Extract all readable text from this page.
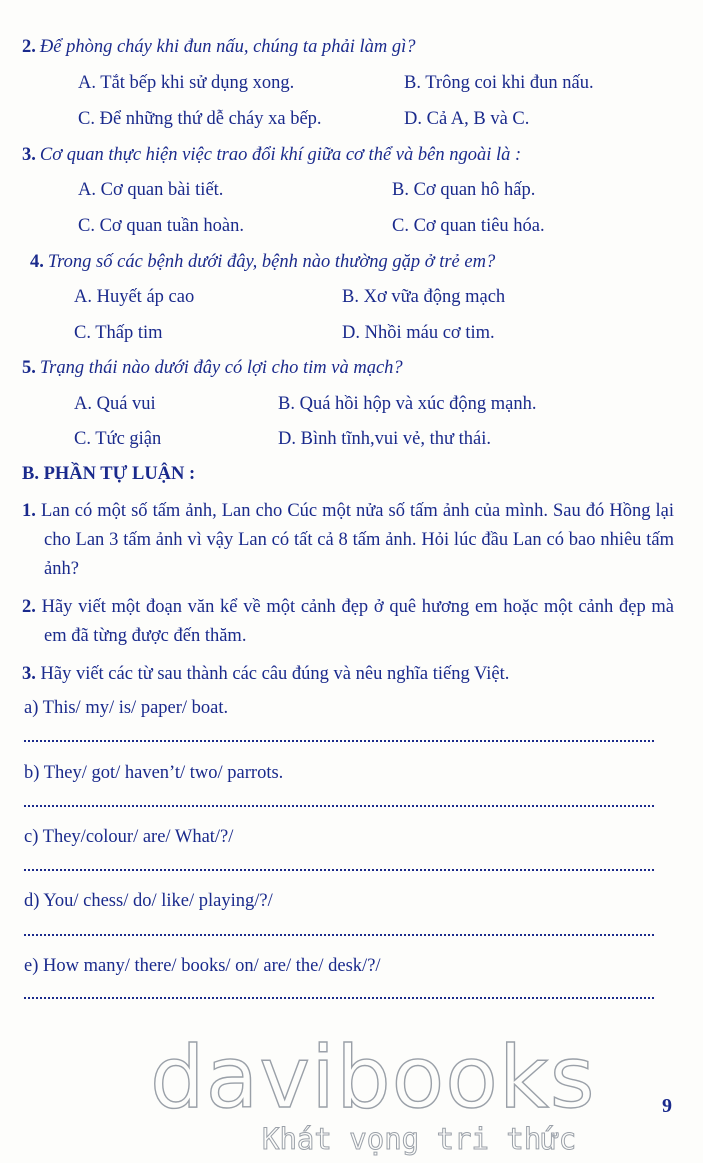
2. Để phòng cháy khi đun nấu, chúng ta phải làm gì?
A. Tắt bếp khi sử dụng xong.	B. Trông coi khi đun nấu.
C. Để những thứ dễ cháy xa bếp.	D. Cả A, B và C.
3. Cơ quan thực hiện việc trao đổi khí giữa cơ thể và bên ngoài là :
A. Cơ quan bài tiết.	B. Cơ quan hô hấp.
C. Cơ quan tuần hoàn.	C. Cơ quan tiêu hóa.
4. Trong số các bệnh dưới đây, bệnh nào thường gặp ở trẻ em?
A. Huyết áp cao	B. Xơ vữa động mạch
C. Thấp tim	D. Nhồi máu cơ tim.
5. Trạng thái nào dưới đây có lợi cho tim và mạch?
A. Quá vui	B. Quá hồi hộp và xúc động mạnh.
C. Tức giận	D. Bình tĩnh,vui vẻ, thư thái.
B. PHẦN TỰ LUẬN :
1. Lan có một số tấm ảnh, Lan cho Cúc một nửa số tấm ảnh của mình. Sau đó Hồng lại cho Lan 3 tấm ảnh vì vậy Lan có tất cả 8 tấm ảnh. Hỏi lúc đầu Lan có bao nhiêu tấm ảnh?
2. Hãy viết một đoạn văn kể về một cảnh đẹp ở quê hương em hoặc một cảnh đẹp mà em đã từng được đến thăm.
3. Hãy viết các từ sau thành các câu đúng và nêu nghĩa tiếng Việt.
a) This/ my/ is/ paper/ boat.
b) They/ got/ haven’t/ two/ parrots.
c) They/colour/ are/ What/?/
d) You/ chess/ do/ like/ playing/?/
e) How many/ there/ books/ on/ are/ the/ desk/?/
davibooks
Khát vọng tri thức
9
